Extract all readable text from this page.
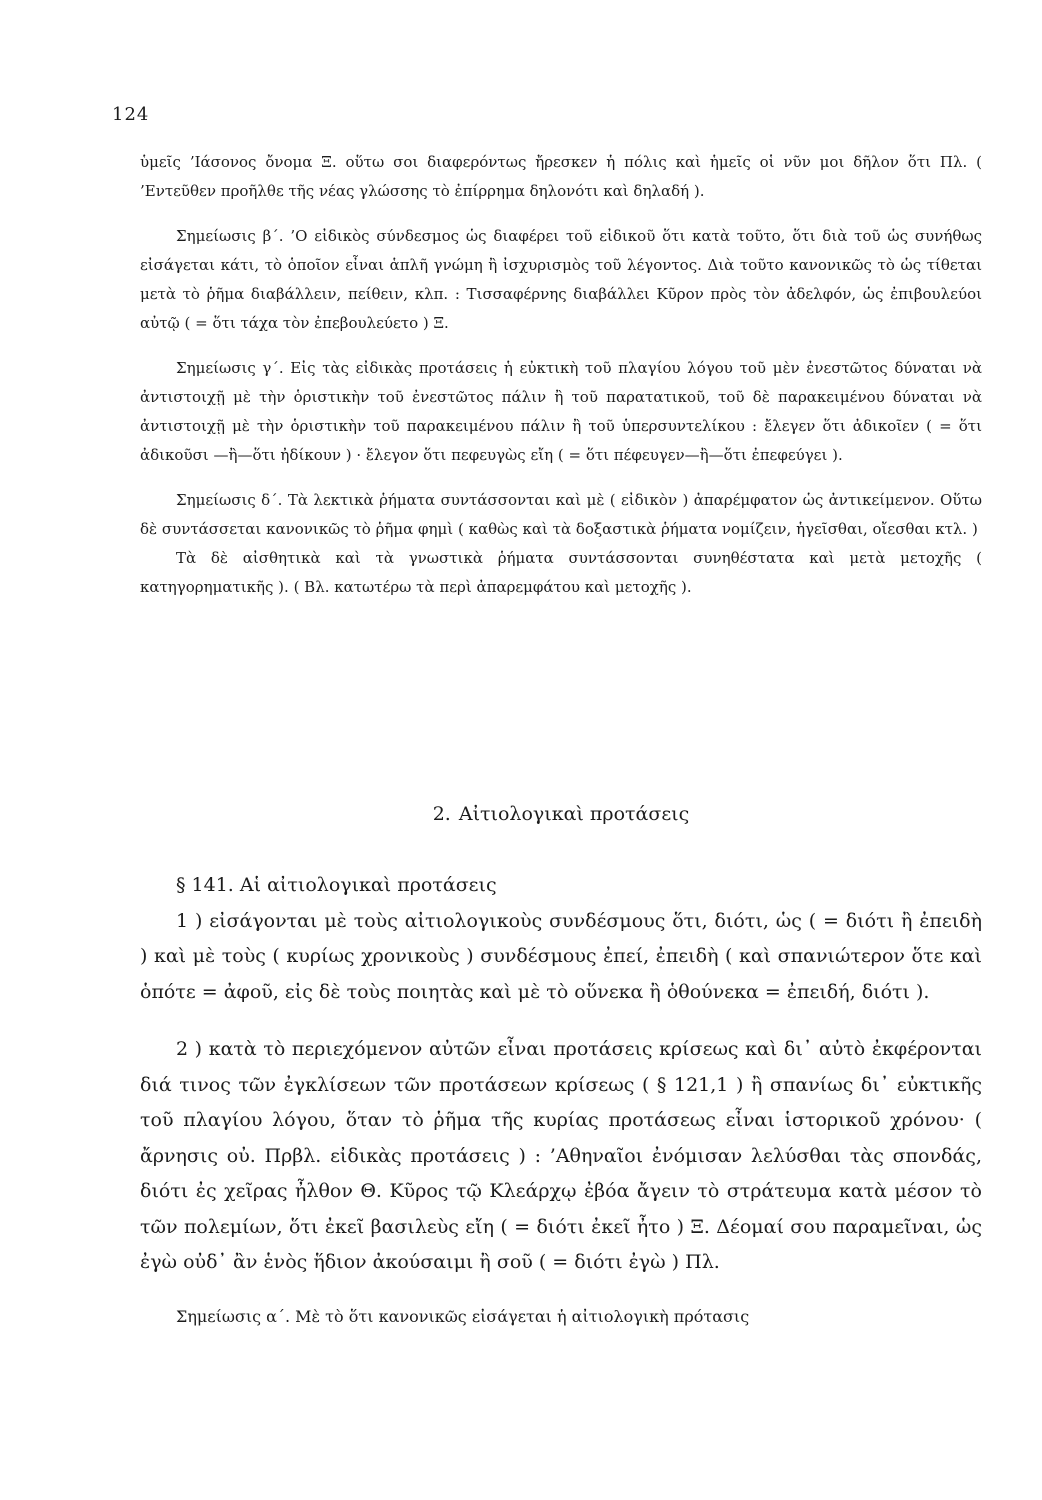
124

ὑμεῖς ’Ιάσονος ὄνομα Ξ. οὕτω σοι διαφερόντως ἤρεσκεν ἡ πόλις καὶ ἡμεῖς οἱ νῦν μοι δῆλον ὅτι Πλ. ( ’Εντεῦθεν προῆλθε τῆς νέας γλώσσης τὸ ἐπίρρημα δηλονότι καὶ δηλαδή ).

Σημείωσις β΄. ’Ο εἰδικὸς σύνδεσμος ὡς διαφέρει τοῦ εἰδικοῦ ὅτι κατὰ τοῦτο, ὅτι διὰ τοῦ ὡς συνήθως εἰσάγεται κάτι, τὸ ὁποῖον εἶναι ἁπλῆ γνώμη ἢ ἰσχυρισμὸς τοῦ λέγοντος. Διὰ τοῦτο κανονικῶς τὸ ὡς τίθεται μετὰ τὸ ῥῆμα διαβάλλειν, πείθειν, κλπ. : Τισσαφέρνης διαβάλλει Κῦρον πρὸς τὸν ἀδελφόν, ὡς ἐπιβουλεύοι αὐτῷ ( = ὅτι τάχα τὸν ἐπεβουλεύετο ) Ξ.

Σημείωσις γ΄. Εἰς τὰς εἰδικὰς προτάσεις ἡ εὐκτικὴ τοῦ πλαγίου λόγου τοῦ μὲν ἐνεστῶτος δύναται νὰ ἀντιστοιχῇ μὲ τὴν ὁριστικὴν τοῦ ἐνεστῶτος πάλιν ἢ τοῦ παρατατικοῦ, τοῦ δὲ παρακειμένου δύναται νὰ ἀντιστοιχῇ μὲ τὴν ὁριστικὴν τοῦ παρακειμένου πάλιν ἢ τοῦ ὑπερσυντελίκου : ἔλεγεν ὅτι ἀδικοῖεν ( = ὅτι ἀδικοῦσι —ἢ—ὅτι ἠδίκουν ) · ἔλεγον ὅτι πεφευγὼς εἴη ( = ὅτι πέφευγεν—ἢ—ὅτι ἐπεφεύγει ).

Σημείωσις δ΄. Τὰ λεκτικὰ ῥήματα συντάσσονται καὶ μὲ ( εἰδικὸν ) ἀπαρέμφατον ὡς ἀντικείμενον. Οὕτω δὲ συντάσσεται κανονικῶς τὸ ῥῆμα φημὶ ( καθὼς καὶ τὰ δοξαστικὰ ῥήματα νομίζειν, ἡγεῖσθαι, οἴεσθαι κτλ. )

Τὰ δὲ αἰσθητικὰ καὶ τὰ γνωστικὰ ῥήματα συντάσσονται συνηθέστατα καὶ μετὰ μετοχῆς ( κατηγορηματικῆς ). ( Βλ. κατωτέρω τὰ περὶ ἀπαρεμφάτου καὶ μετοχῆς ).

2. Αἰτιολογικαὶ προτάσεις

§ 141. Αἱ αἰτιολογικαὶ προτάσεις

1 ) εἰσάγονται μὲ τοὺς αἰτιολογικοὺς συνδέσμους ὅτι, διότι, ὡς ( = διότι ἢ ἐπειδὴ ) καὶ μὲ τοὺς ( κυρίως χρονικοὺς ) συνδέσμους ἐπεί, ἐπειδὴ ( καὶ σπανιώτερον ὅτε καὶ ὁπότε = ἀφοῦ, εἰς δὲ τοὺς ποιητὰς καὶ μὲ τὸ οὕνεκα ἢ ὁθούνεκα = ἐπειδή, διότι ).

2 ) κατὰ τὸ περιεχόμενον αὐτῶν εἶναι προτάσεις κρίσεως καὶ δι᾽ αὐτὸ ἐκφέρονται διά τινος τῶν ἐγκλίσεων τῶν προτάσεων κρίσεως ( § 121,1 ) ἢ σπανίως δι᾽ εὐκτικῆς τοῦ πλαγίου λόγου, ὅταν τὸ ῥῆμα τῆς κυρίας προτάσεως εἶναι ἱστορικοῦ χρόνου· ( ἄρνησις οὐ. Πρβλ. εἰδικὰς προτάσεις ) : ’Αθηναῖοι ἐνόμισαν λελύσθαι τὰς σπονδάς, διότι ἐς χεῖρας ἦλθον Θ. Κῦρος τῷ Κλεάρχῳ ἐβόα ἄγειν τὸ στράτευμα κατὰ μέσον τὸ τῶν πολεμίων, ὅτι ἐκεῖ βασιλεὺς εἴη ( = διότι ἐκεῖ ἦτο ) Ξ. Δέομαί σου παραμεῖναι, ὡς ἐγὼ οὐδ᾽ ἂν ἑνὸς ἥδιον ἀκούσαιμι ἢ σοῦ ( = διότι ἐγὼ ) Πλ.

Σημείωσις α΄. Μὲ τὸ ὅτι κανονικῶς εἰσάγεται ἡ αἰτιολογικὴ πρότασις
